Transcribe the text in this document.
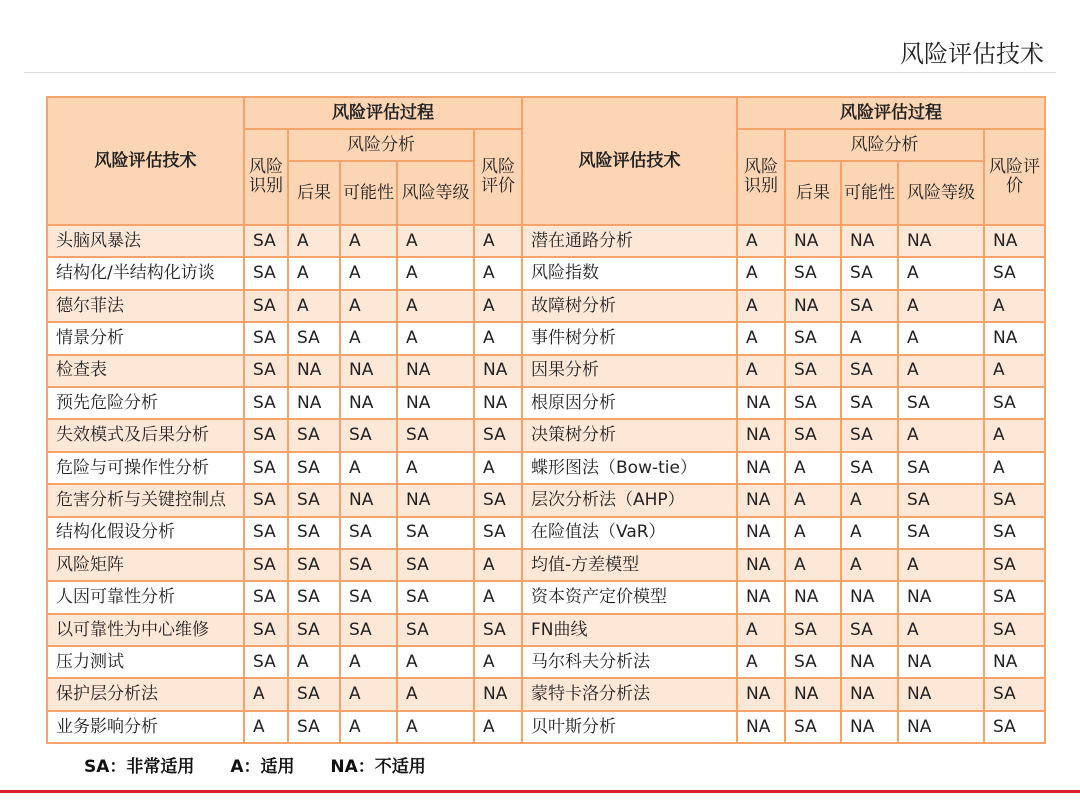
风险评估技术
风险评估技术	风险评估过程					风险评估技术	风险评估过程				
	风险识别	风险分析			风险评价		风险识别	风险分析			风险评价
		后果	可能性	风险等级				后果	可能性	风险等级	
头脑风暴法	SA	A	A	A	A	潜在通路分析	A	NA	NA	NA	NA
结构化/半结构化访谈	SA	A	A	A	A	风险指数	A	SA	SA	A	SA
德尔菲法	SA	A	A	A	A	故障树分析	A	NA	SA	A	A
情景分析	SA	SA	A	A	A	事件树分析	A	SA	A	A	NA
检查表	SA	NA	NA	NA	NA	因果分析	A	SA	SA	A	A
预先危险分析	SA	NA	NA	NA	NA	根原因分析	NA	SA	SA	SA	SA
失效模式及后果分析	SA	SA	SA	SA	SA	决策树分析	NA	SA	SA	A	A
危险与可操作性分析	SA	SA	A	A	A	蝶形图法（Bow-tie）	NA	A	SA	SA	A
危害分析与关键控制点	SA	SA	NA	NA	SA	层次分析法（AHP）	NA	A	A	SA	SA
结构化假设分析	SA	SA	SA	SA	SA	在险值法（VaR）	NA	A	A	SA	SA
风险矩阵	SA	SA	SA	SA	A	均值-方差模型	NA	A	A	A	SA
人因可靠性分析	SA	SA	SA	SA	A	资本资产定价模型	NA	NA	NA	NA	SA
以可靠性为中心维修	SA	SA	SA	SA	SA	FN曲线	A	SA	SA	A	SA
压力测试	SA	A	A	A	A	马尔科夫分析法	A	SA	NA	NA	NA
保护层分析法	A	SA	A	A	NA	蒙特卡洛分析法	NA	NA	NA	NA	SA
业务影响分析	A	SA	A	A	A	贝叶斯分析	NA	SA	NA	NA	SA
SA：非常适用 A：适用 NA：不适用
